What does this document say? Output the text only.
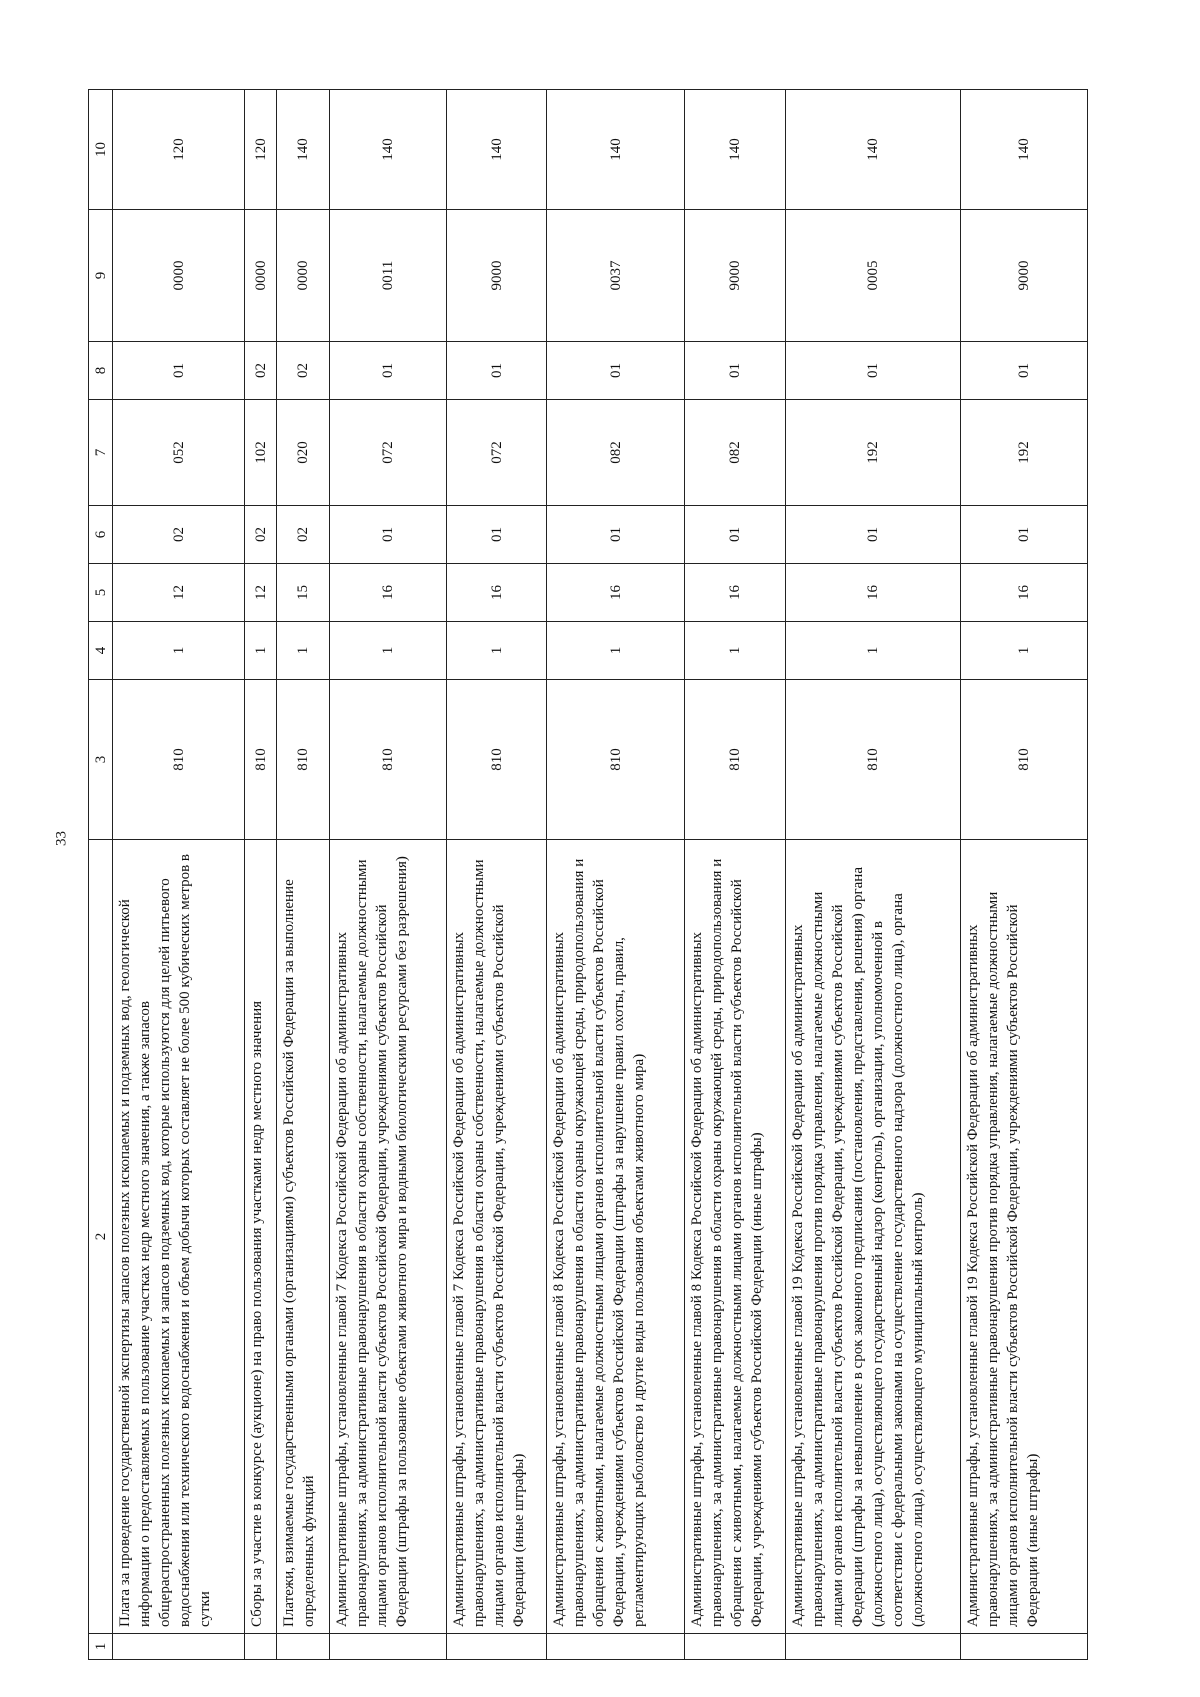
33
1	2	3	4	5	6	7	8	9	10
	Плата за проведение государственной экспертизы запасов полезных ископаемых и подземных вод, геологической информации о предоставляемых в пользование участках недр местного значения, а также запасов общераспространенных полезных ископаемых и запасов подземных вод, которые используются для целей питьевого водоснабжения или технического водоснабжения и объем добычи которых составляет не более 500 кубических метров в сутки	810	1	12	02	052	01	0000	120
	Сборы за участие в конкурсе (аукционе) на право пользования участками недр местного значения	810	1	12	02	102	02	0000	120
	Платежи, взимаемые государственными органами (организациями) субъектов Российской Федерации за выполнение определенных функций	810	1	15	02	020	02	0000	140
	Административные штрафы, установленные главой 7 Кодекса Российской Федерации об административных правонарушениях, за административные правонарушения в области охраны собственности, налагаемые должностными лицами органов исполнительной власти субъектов Российской Федерации, учреждениями субъектов Российской Федерации (штрафы за пользование объектами животного мира и водными биологическими ресурсами без разрешения)	810	1	16	01	072	01	0011	140
	Административные штрафы, установленные главой 7 Кодекса Российской Федерации об административных правонарушениях, за административные правонарушения в области охраны собственности, налагаемые должностными лицами органов исполнительной власти субъектов Российской Федерации, учреждениями субъектов Российской Федерации (иные штрафы)	810	1	16	01	072	01	9000	140
	Административные штрафы, установленные главой 8 Кодекса Российской Федерации об административных правонарушениях, за административные правонарушения в области охраны окружающей среды, природопользования и обращения с животными, налагаемые должностными лицами органов исполнительной власти субъектов Российской Федерации, учреждениями субъектов Российской Федерации (штрафы за нарушение правил охоты, правил, регламентирующих рыболовство и другие виды пользования объектами животного мира)	810	1	16	01	082	01	0037	140
	Административные штрафы, установленные главой 8 Кодекса Российской Федерации об административных правонарушениях, за административные правонарушения в области охраны окружающей среды, природопользования и обращения с животными, налагаемые должностными лицами органов исполнительной власти субъектов Российской Федерации, учреждениями субъектов Российской Федерации (иные штрафы)	810	1	16	01	082	01	9000	140
	Административные штрафы, установленные главой 19 Кодекса Российской Федерации об административных правонарушениях, за административные правонарушения против порядка управления, налагаемые должностными лицами органов исполнительной власти субъектов Российской Федерации, учреждениями субъектов Российской Федерации (штрафы за невыполнение в срок законного предписания (постановления, представления, решения) органа (должностного лица), осуществляющего государственный надзор (контроль), организации, уполномоченной в соответствии с федеральными законами на осуществление государственного надзора (должностного лица), органа (должностного лица), осуществляющего муниципальный контроль)	810	1	16	01	192	01	0005	140
	Административные штрафы, установленные главой 19 Кодекса Российской Федерации об административных правонарушениях, за административные правонарушения против порядка управления, налагаемые должностными лицами органов исполнительной власти субъектов Российской Федерации, учреждениями субъектов Российской Федерации (иные штрафы)	810	1	16	01	192	01	9000	140
